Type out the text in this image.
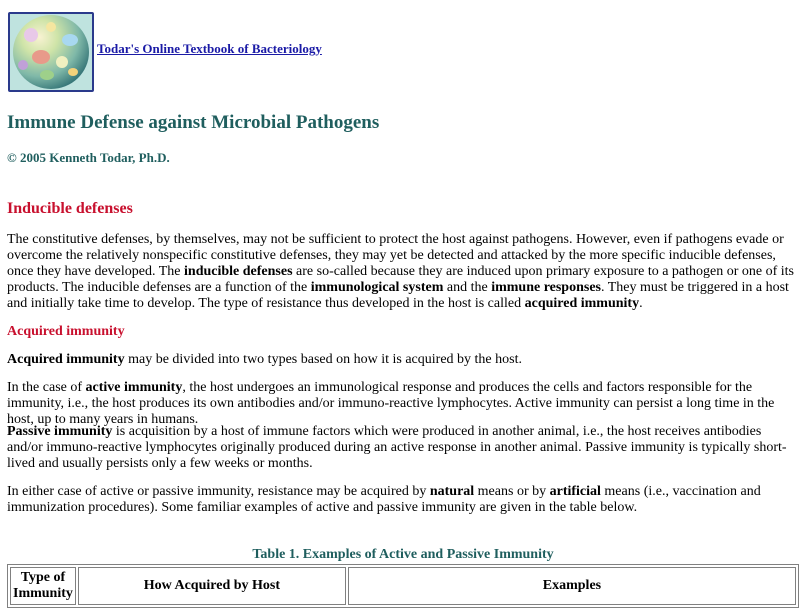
Todar's Online Textbook of Bacteriology
Immune Defense against Microbial Pathogens
© 2005 Kenneth Todar, Ph.D.
Inducible defenses

The constitutive defenses, by themselves, may not be sufficient to protect the host against pathogens. However, even if pathogens evade or overcome the relatively nonspecific constitutive defenses, they may yet be detected and attacked by the more specific inducible defenses, once they have developed. The inducible defenses are so-called because they are induced upon primary exposure to a pathogen or one of its products. The inducible defenses are a function of the immunological system and the immune responses. They must be triggered in a host and initially take time to develop. The type of resistance thus developed in the host is called acquired immunity.

Acquired immunity

Acquired immunity may be divided into two types based on how it is acquired by the host.

In the case of active immunity, the host undergoes an immunological response and produces the cells and factors responsible for the immunity, i.e., the host produces its own antibodies and/or immuno-reactive lymphocytes. Active immunity can persist a long time in the host, up to many years in humans.

Passive immunity is acquisition by a host of immune factors which were produced in another animal, i.e., the host receives antibodies and/or immuno-reactive lymphocytes originally produced during an active response in another animal. Passive immunity is typically short-lived and usually persists only a few weeks or months.

In either case of active or passive immunity, resistance may be acquired by natural means or by artificial means (i.e., vaccination and immunization procedures). Some familiar examples of active and passive immunity are given in the table below.

Table 1. Examples of Active and Passive Immunity
Type of Immunity	How Acquired by Host	Examples
